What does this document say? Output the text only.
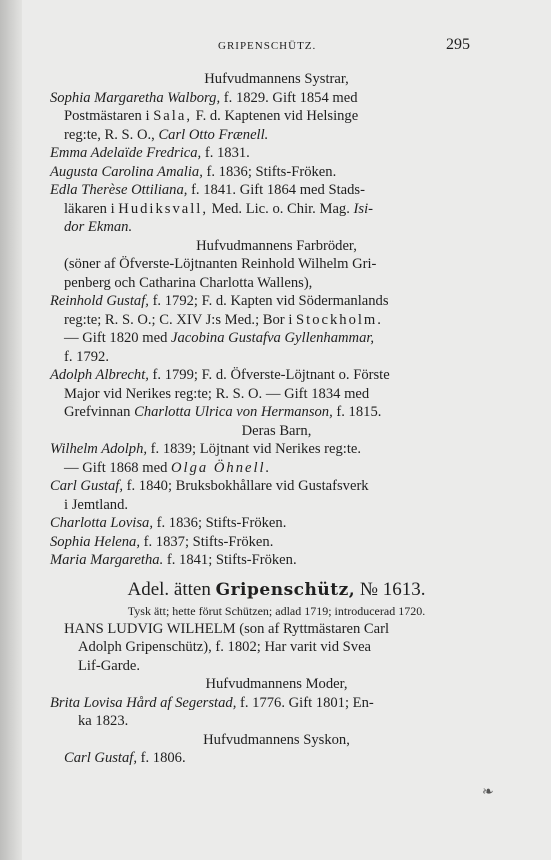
GRIPENSCHÜTZ.	295
Hufvudmannens Systrar,
Sophia Margaretha Walborg, f. 1829. Gift 1854 med
Postmästaren i Sala, F. d. Kaptenen vid Helsinge
reg:te, R. S. O., Carl Otto Frænell.
Emma Adelaïde Fredrica, f. 1831.
Augusta Carolina Amalia, f. 1836; Stifts-Fröken.
Edla Therèse Ottiliana, f. 1841. Gift 1864 med Stads-
läkaren i Hudiksvall, Med. Lic. o. Chir. Mag. Isi-
dor Ekman.
Hufvudmannens Farbröder,
(söner af Öfverste-Löjtnanten Reinhold Wilhelm Gri-
penberg och Catharina Charlotta Wallens),
Reinhold Gustaf, f. 1792; F. d. Kapten vid Södermanlands
reg:te; R. S. O.; C. XIV J:s Med.; Bor i Stockholm.
— Gift 1820 med Jacobina Gustafva Gyllenhammar,
f. 1792.
Adolph Albrecht, f. 1799; F. d. Öfverste-Löjtnant o. Förste
Major vid Nerikes reg:te; R. S. O. — Gift 1834 med
Grefvinnan Charlotta Ulrica von Hermanson, f. 1815.
Deras Barn,
Wilhelm Adolph, f. 1839; Löjtnant vid Nerikes reg:te.
— Gift 1868 med Olga Öhnell.
Carl Gustaf, f. 1840; Bruksbokhållare vid Gustafsverk
i Jemtland.
Charlotta Lovisa, f. 1836; Stifts-Fröken.
Sophia Helena, f. 1837; Stifts-Fröken.
Maria Margaretha. f. 1841; Stifts-Fröken.
Adel. ätten Gripenschütz, № 1613.
Tysk ätt; hette förut Schützen; adlad 1719; introducerad 1720.
HANS LUDVIG WILHELM (son af Ryttmästaren Carl
Adolph Gripenschütz), f. 1802; Har varit vid Svea
Lif-Garde.
Hufvudmannens Moder,
Brita Lovisa Hård af Segerstad, f. 1776. Gift 1801; En-
ka 1823.
Hufvudmannens Syskon,
Carl Gustaf, f. 1806.
❧
